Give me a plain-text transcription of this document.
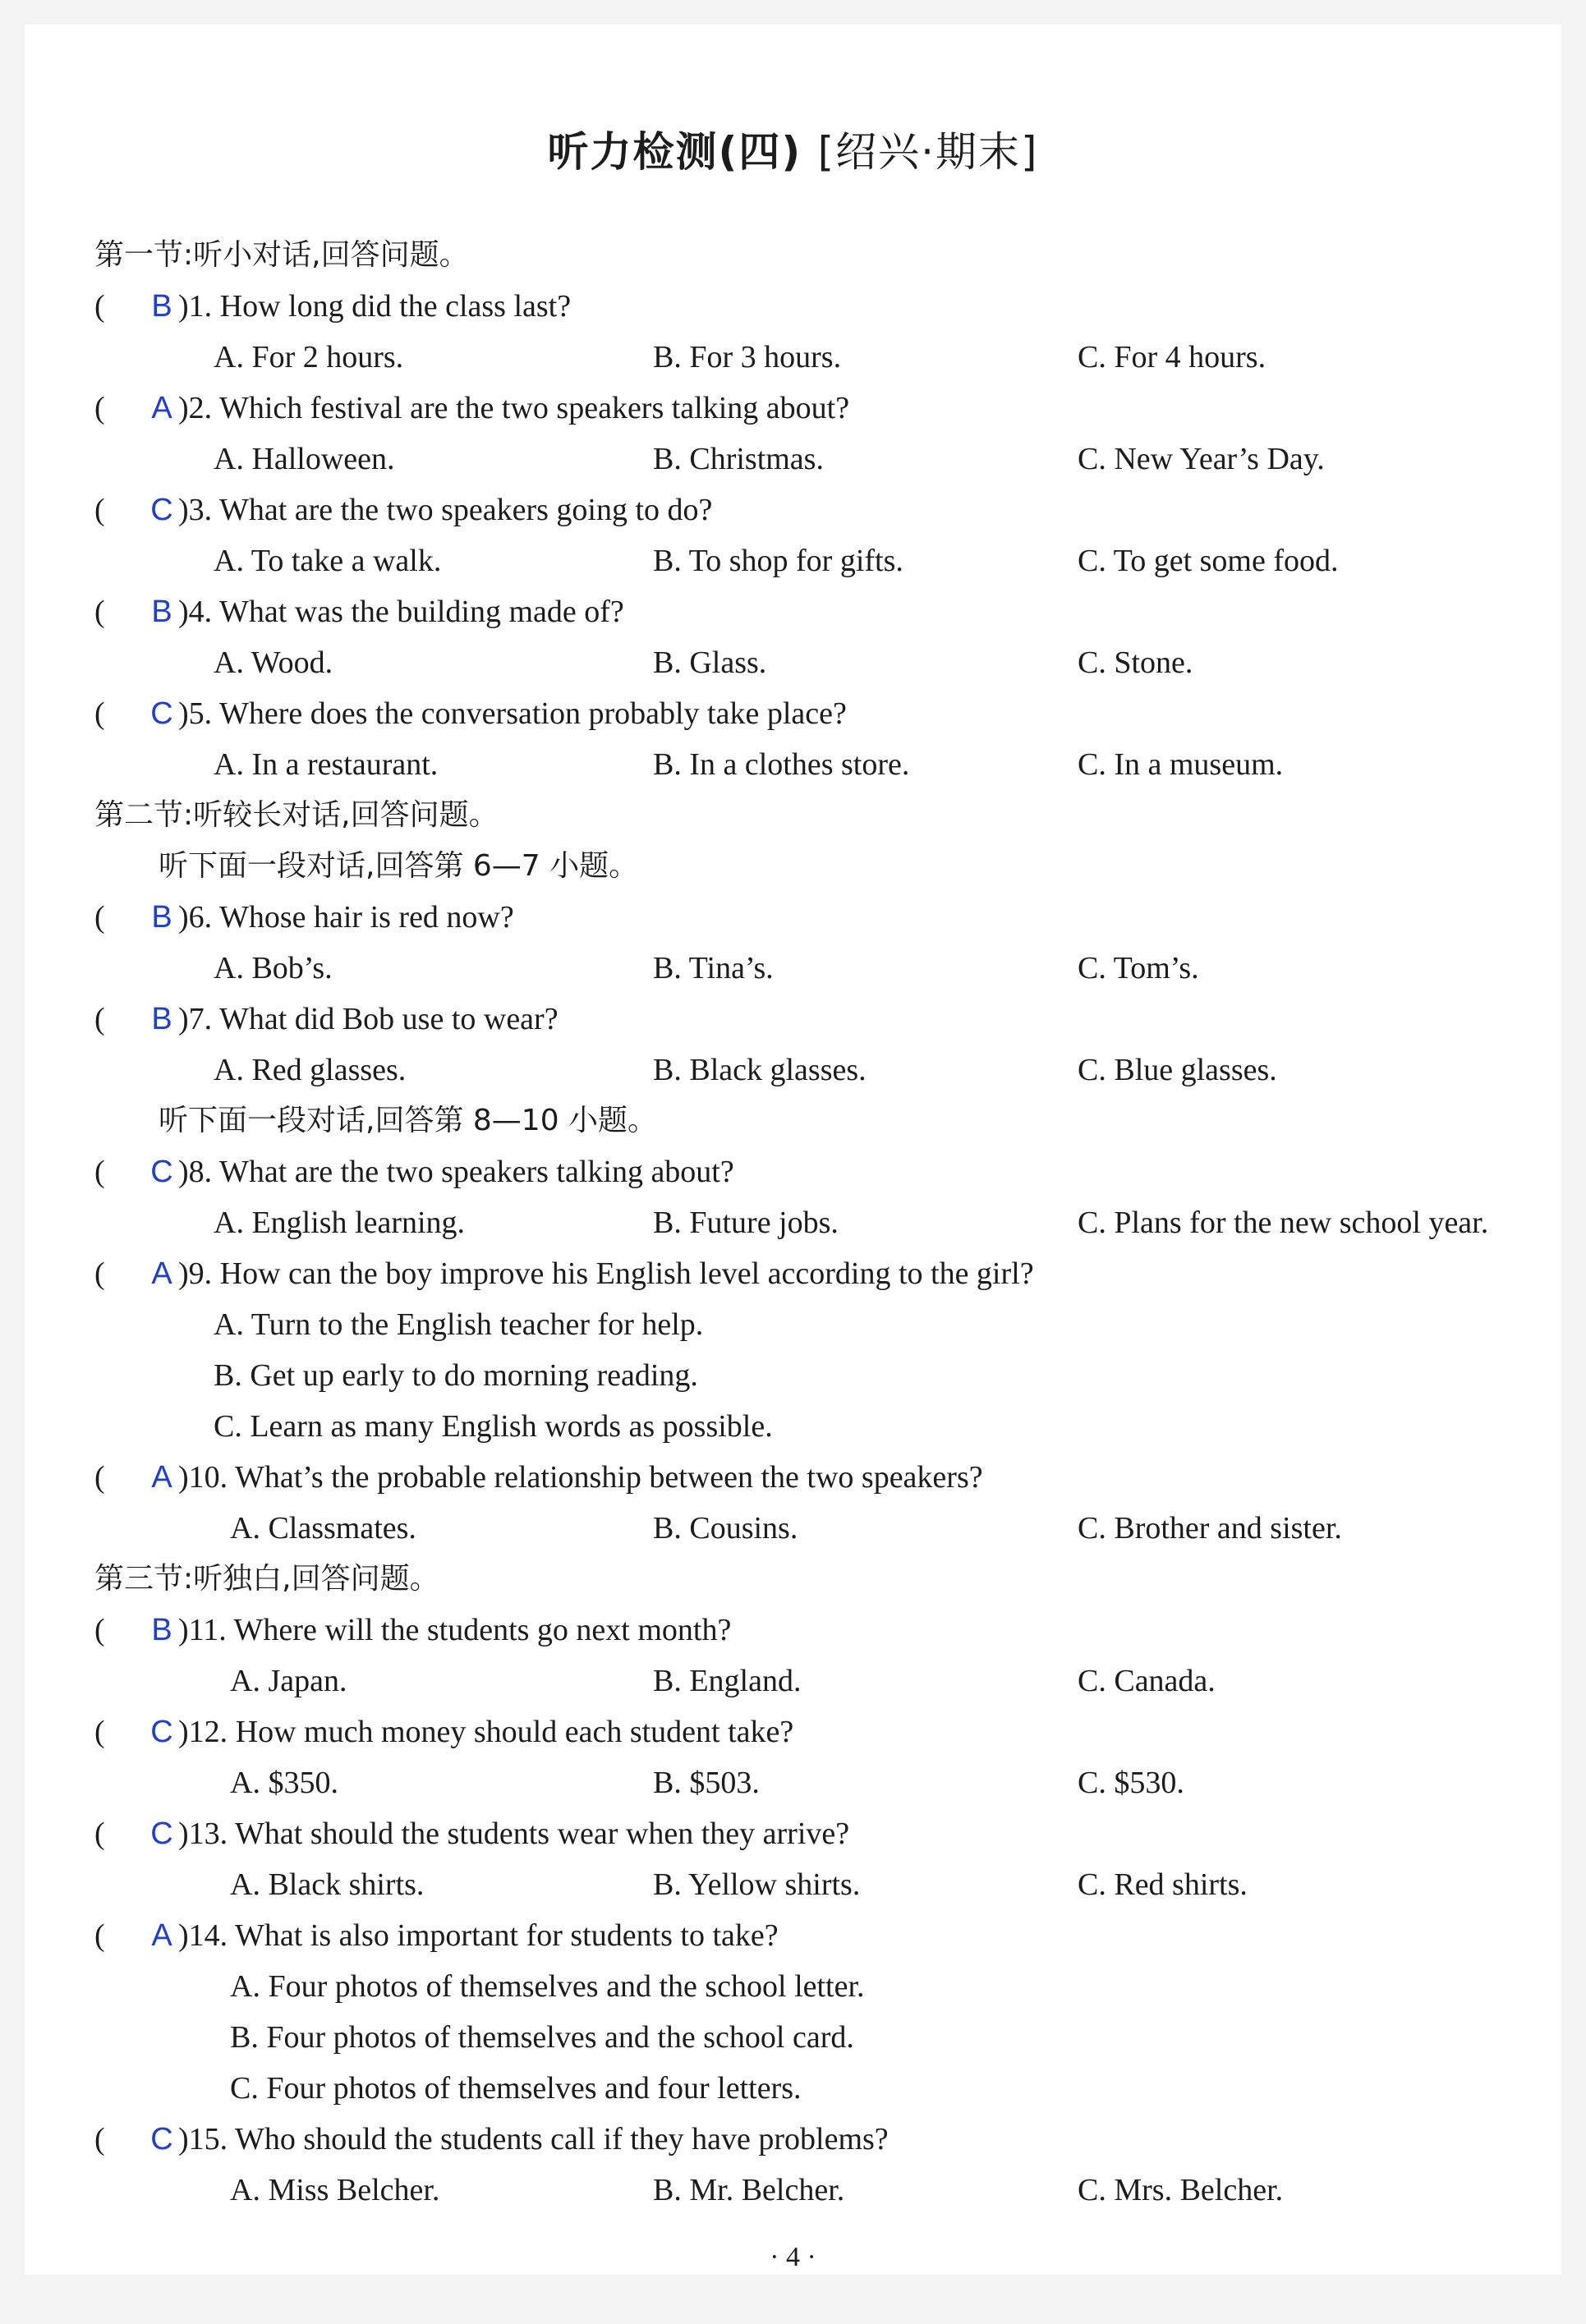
听力检测(四) [绍兴·期末]
第一节:听小对话,回答问题。
( B )1. How long did the class last?
A. For 2 hours.	B. For 3 hours.	C. For 4 hours.
( A )2. Which festival are the two speakers talking about?
A. Halloween.	B. Christmas.	C. New Year’s Day.
( C )3. What are the two speakers going to do?
A. To take a walk.	B. To shop for gifts.	C. To get some food.
( B )4. What was the building made of?
A. Wood.	B. Glass.	C. Stone.
( C )5. Where does the conversation probably take place?
A. In a restaurant.	B. In a clothes store.	C. In a museum.
第二节:听较长对话,回答问题。
听下面一段对话,回答第 6—7 小题。
( B )6. Whose hair is red now?
A. Bob’s.	B. Tina’s.	C. Tom’s.
( B )7. What did Bob use to wear?
A. Red glasses.	B. Black glasses.	C. Blue glasses.
听下面一段对话,回答第 8—10 小题。
( C )8. What are the two speakers talking about?
A. English learning.	B. Future jobs.	C. Plans for the new school year.
( A )9. How can the boy improve his English level according to the girl?
A. Turn to the English teacher for help.
B. Get up early to do morning reading.
C. Learn as many English words as possible.
( A )10. What’s the probable relationship between the two speakers?
A. Classmates.	B. Cousins.	C. Brother and sister.
第三节:听独白,回答问题。
( B )11. Where will the students go next month?
A. Japan.	B. England.	C. Canada.
( C )12. How much money should each student take?
A. $350.	B. $503.	C. $530.
( C )13. What should the students wear when they arrive?
A. Black shirts.	B. Yellow shirts.	C. Red shirts.
( A )14. What is also important for students to take?
A. Four photos of themselves and the school letter.
B. Four photos of themselves and the school card.
C. Four photos of themselves and four letters.
( C )15. Who should the students call if they have problems?
A. Miss Belcher.	B. Mr. Belcher.	C. Mrs. Belcher.
· 4 ·
